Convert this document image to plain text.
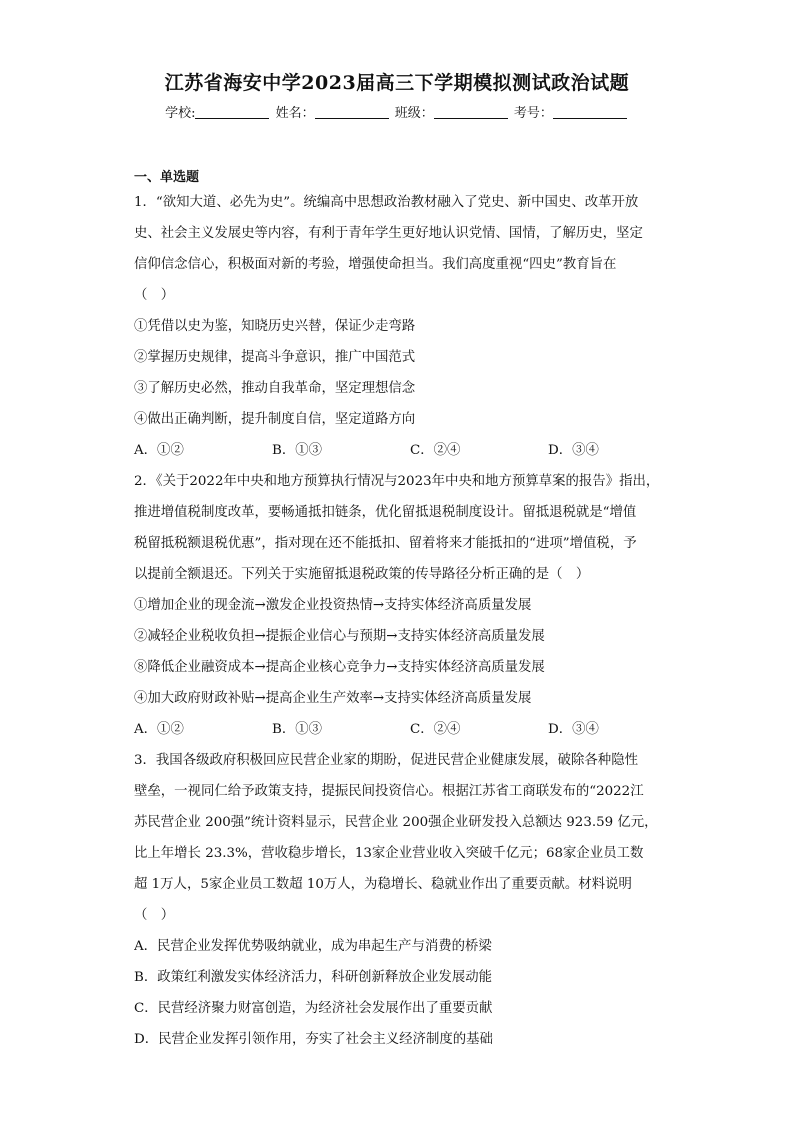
江苏省海安中学2023届高三下学期模拟测试政治试题
学校:	姓名：	班级：	考号：
一、单选题
1．“欲知大道、必先为史”。统编高中思想政治教材融入了党史、新中国史、改革开放
史、社会主义发展史等内容，有利于青年学生更好地认识党情、国情，了解历史，坚定
信仰信念信心，积极面对新的考验，增强使命担当。我们高度重视“四史”教育旨在
（　）
①凭借以史为鉴，知晓历史兴替，保证少走弯路
②掌握历史规律，提高斗争意识，推广中国范式
③了解历史必然，推动自我革命，坚定理想信念
④做出正确判断，提升制度自信，坚定道路方向
A．①②	B．①③	C．②④	D．③④
2．《关于2022年中央和地方预算执行情况与2023年中央和地方预算草案的报告》指出，
推进增值税制度改革，要畅通抵扣链条，优化留抵退税制度设计。留抵退税就是“增值
税留抵税额退税优惠”，指对现在还不能抵扣、留着将来才能抵扣的“进项”增值税，予
以提前全额退还。下列关于实施留抵退税政策的传导路径分析正确的是（　）
①增加企业的现金流→激发企业投资热情→支持实体经济高质量发展
②减轻企业税收负担→提振企业信心与预期→支持实体经济高质量发展
⑧降低企业融资成本→提高企业核心竞争力→支持实体经济高质量发展
④加大政府财政补贴→提高企业生产效率→支持实体经济高质量发展
A．①②	B．①③	C．②④	D．③④
3．我国各级政府积极回应民营企业家的期盼，促进民营企业健康发展，破除各种隐性
壁垒，一视同仁给予政策支持，提振民间投资信心。根据江苏省工商联发布的“2022江
苏民营企业 200强”统计资料显示，民营企业 200强企业研发投入总额达 923.59 亿元，
比上年增长 23.3%，营收稳步增长，13家企业营业收入突破千亿元；68家企业员工数
超 1万人，5家企业员工数超 10万人，为稳增长、稳就业作出了重要贡献。材料说明
（　）
A．民营企业发挥优势吸纳就业，成为串起生产与消费的桥梁
B．政策红利激发实体经济活力，科研创新释放企业发展动能
C．民营经济聚力财富创造，为经济社会发展作出了重要贡献
D．民营企业发挥引领作用，夯实了社会主义经济制度的基础
